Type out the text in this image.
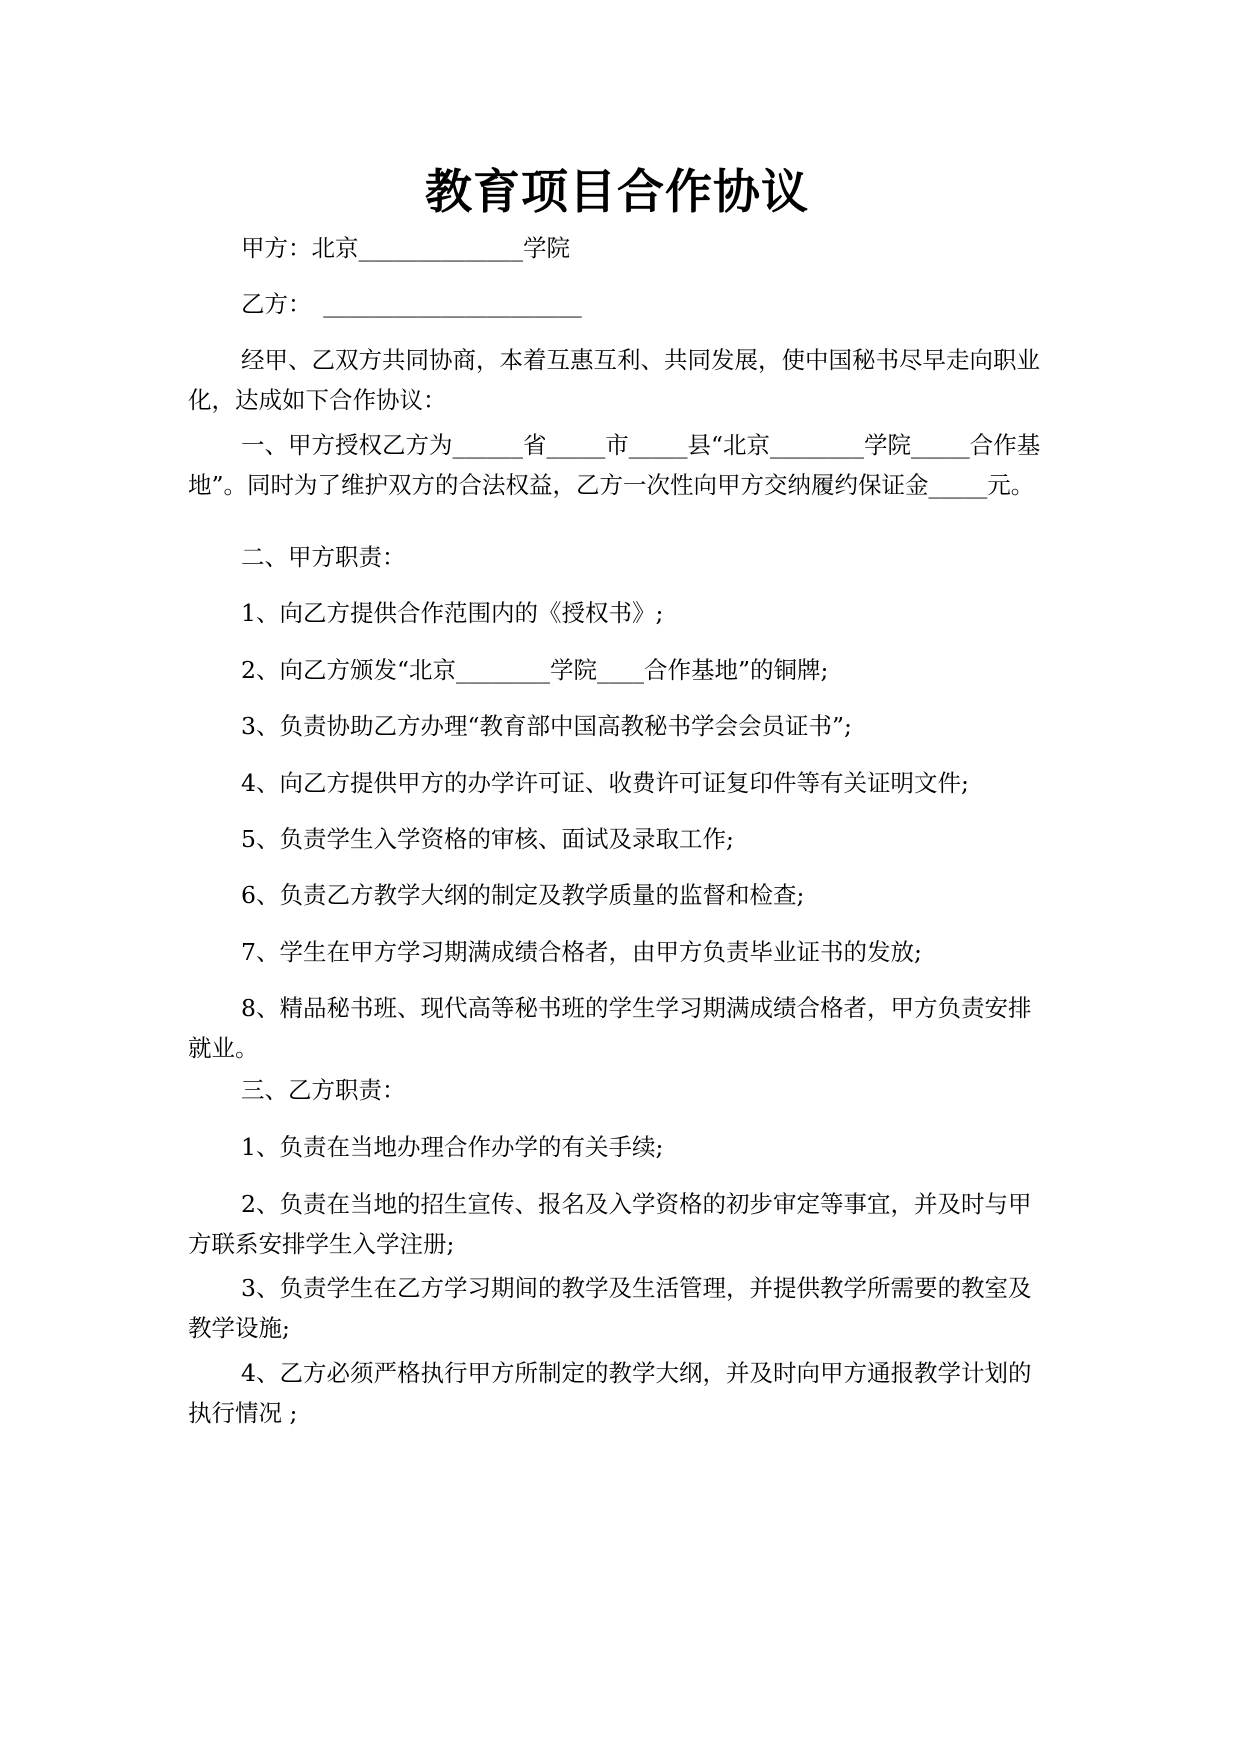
教育项目合作协议

甲方：北京______________学院

乙方：　______________________

经甲、乙双方共同协商，本着互惠互利、共同发展，使中国秘书尽早走向职业化，达成如下合作协议：

一、甲方授权乙方为______省_____市_____县“北京________学院_____合作基地”。同时为了维护双方的合法权益，乙方一次性向甲方交纳履约保证金_____元。

二、甲方职责：

1、向乙方提供合作范围内的《授权书》;

2、向乙方颁发“北京________学院____合作基地”的铜牌;

3、负责协助乙方办理“教育部中国高教秘书学会会员证书”;

4、向乙方提供甲方的办学许可证、收费许可证复印件等有关证明文件;

5、负责学生入学资格的审核、面试及录取工作;

6、负责乙方教学大纲的制定及教学质量的监督和检查;

7、学生在甲方学习期满成绩合格者，由甲方负责毕业证书的发放;

8、精品秘书班、现代高等秘书班的学生学习期满成绩合格者，甲方负责安排就业。

三、乙方职责：

1、负责在当地办理合作办学的有关手续;

2、负责在当地的招生宣传、报名及入学资格的初步审定等事宜，并及时与甲方联系安排学生入学注册;

3、负责学生在乙方学习期间的教学及生活管理，并提供教学所需要的教室及教学设施;

4、乙方必须严格执行甲方所制定的教学大纲，并及时向甲方通报教学计划的执行情况 ;
